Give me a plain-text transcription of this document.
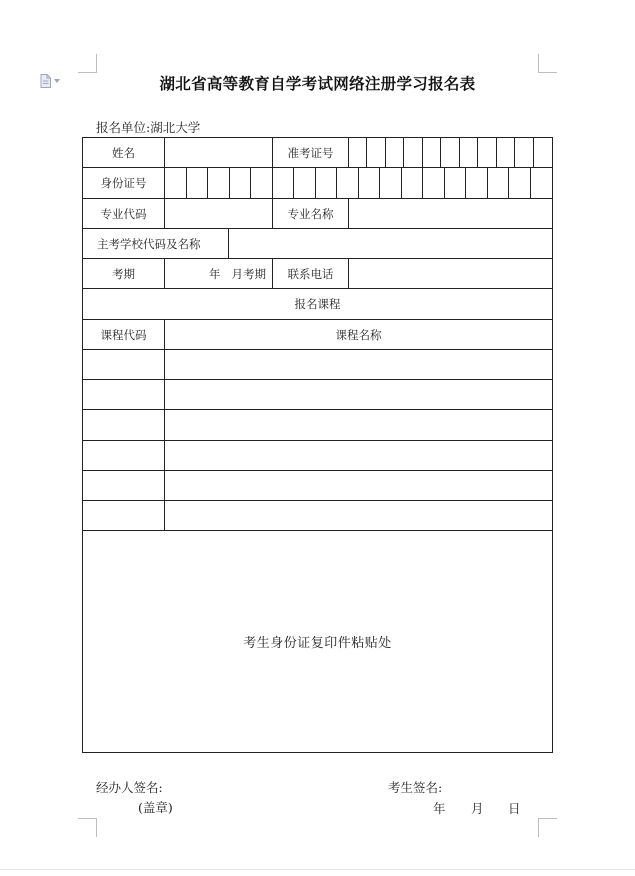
湖北省高等教育自学考试网络注册学习报名表
报名单位:湖北大学
姓名	准考证号
身份证号
专业代码	专业名称
主考学校代码及名称
考期	年   月考期	联系电话
报名课程
课程代码	课程名称
考生身份证复印件粘贴处
经办人签名:
(盖章)
考生签名:
年 月 日
